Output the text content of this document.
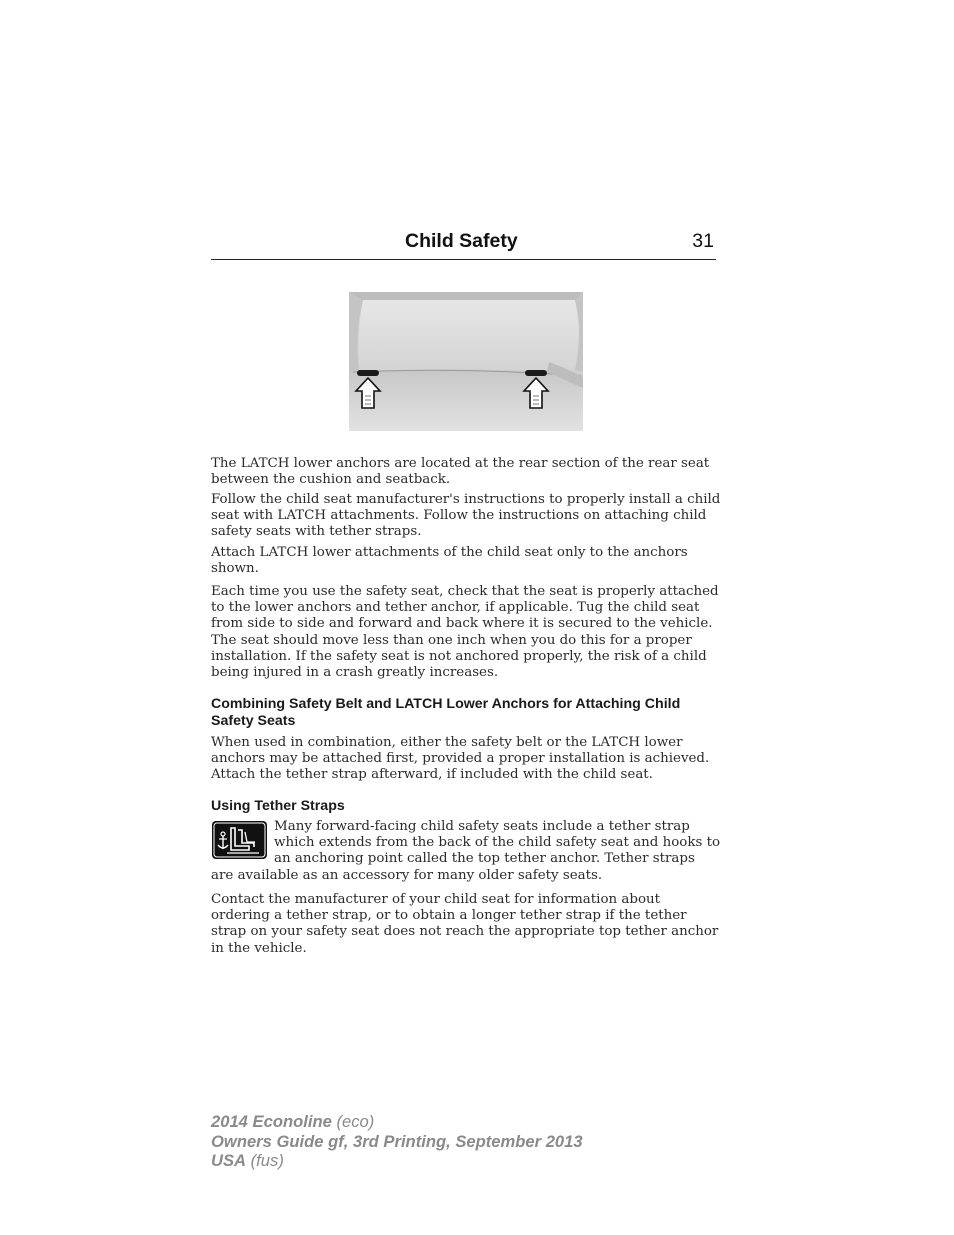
Child Safety	31

The LATCH lower anchors are located at the rear section of the rear seat between the cushion and seatback.

Follow the child seat manufacturer's instructions to properly install a child seat with LATCH attachments. Follow the instructions on attaching child safety seats with tether straps.

Attach LATCH lower attachments of the child seat only to the anchors shown.

Each time you use the safety seat, check that the seat is properly attached to the lower anchors and tether anchor, if applicable. Tug the child seat from side to side and forward and back where it is secured to the vehicle. The seat should move less than one inch when you do this for a proper installation. If the safety seat is not anchored properly, the risk of a child being injured in a crash greatly increases.

Combining Safety Belt and LATCH Lower Anchors for Attaching Child Safety Seats

When used in combination, either the safety belt or the LATCH lower anchors may be attached first, provided a proper installation is achieved. Attach the tether strap afterward, if included with the child seat.

Using Tether Straps

Many forward-facing child safety seats include a tether strap which extends from the back of the child safety seat and hooks to an anchoring point called the top tether anchor. Tether straps are available as an accessory for many older safety seats.

Contact the manufacturer of your child seat for information about ordering a tether strap, or to obtain a longer tether strap if the tether strap on your safety seat does not reach the appropriate top tether anchor in the vehicle.

2014 Econoline (eco)
Owners Guide gf, 3rd Printing, September 2013
USA (fus)
